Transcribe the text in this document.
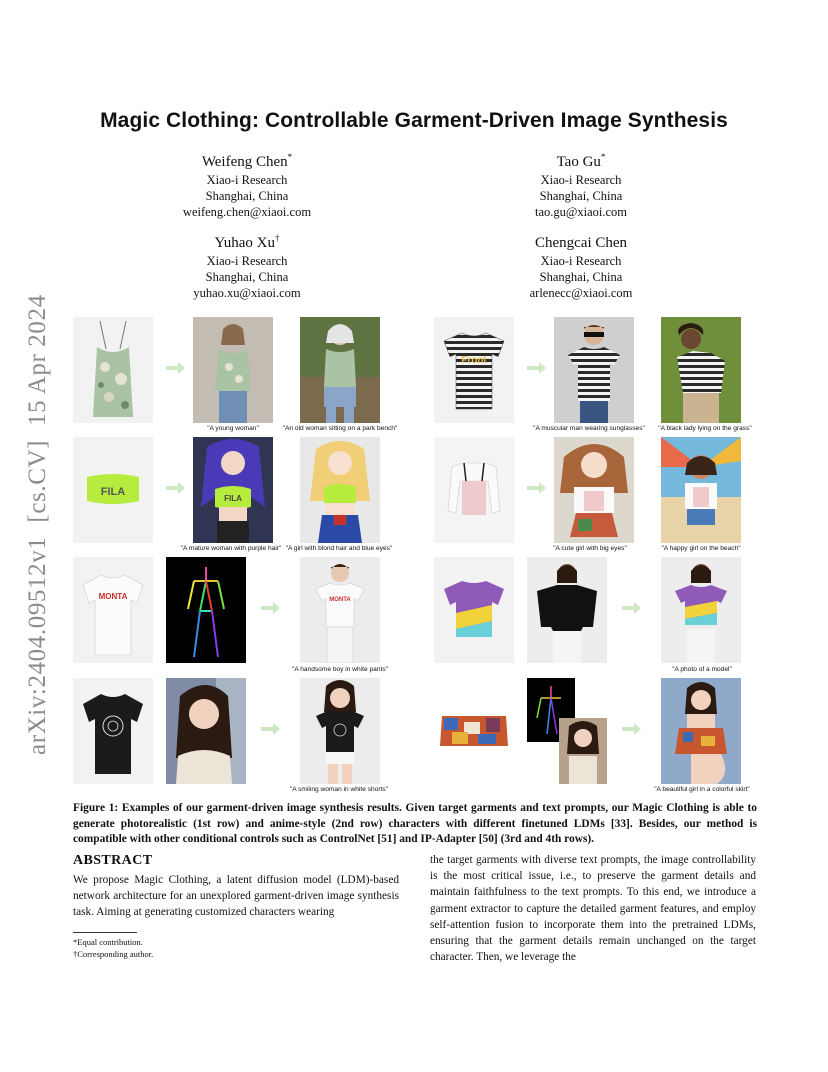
arXiv:2404.09512v1[cs.CV]15 Apr 2024
Magic Clothing: Controllable Garment-Driven Image Synthesis
Weifeng Chen*
Xiao-i Research
Shanghai, China
weifeng.chen@xiaoi.com
Tao Gu*
Xiao-i Research
Shanghai, China
tao.gu@xiaoi.com
Yuhao Xu†
Xiao-i Research
Shanghai, China
yuhao.xu@xiaoi.com
Chengcai Chen
Xiao-i Research
Shanghai, China
arlenecc@xiaoi.com
Front
"A young woman"	"An old woman sitting on a park bench"	"A muscular man wearing sunglasses"	"A black lady lying on the grass"
FILA
FILA
"A mature woman with purple hair" "A girl with blond hair and blue eyes"	"A cute girl with big eyes"	"A happy girl on the beach"
MONTA	MONTA
"A handsome boy in white pants"	"A photo of a model"
"A smiling woman in white shorts"	"A beautiful girl in a colorful skirt"
Figure 1: Examples of our garment-driven image synthesis results. Given target garments and text prompts, our Magic Clothing is able to generate photorealistic (1st row) and anime-style (2nd row) characters with different finetuned LDMs [33]. Besides, our method is compatible with other conditional controls such as ControlNet [51] and IP-Adapter [50] (3rd and 4th rows).
ABSTRACT
We propose Magic Clothing, a latent diffusion model (LDM)-based network architecture for an unexplored garment-driven image synthesis task. Aiming at generating customized characters wearing
the target garments with diverse text prompts, the image controllability is the most critical issue, i.e., to preserve the garment details and maintain faithfulness to the text prompts. To this end, we introduce a garment extractor to capture the detailed garment features, and employ self-attention fusion to incorporate them into the pretrained LDMs, ensuring that the garment details remain unchanged on the target character. Then, we leverage the
*Equal contribution.
†Corresponding author.
